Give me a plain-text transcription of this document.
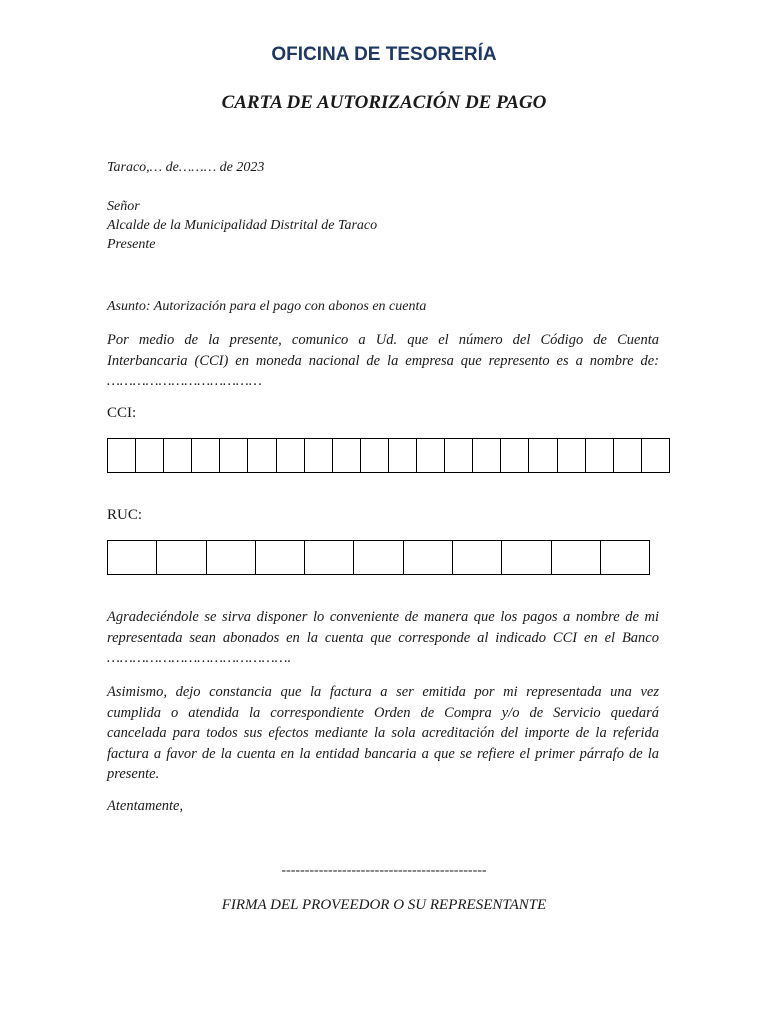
OFICINA DE TESORERÍA
CARTA DE AUTORIZACIÓN DE PAGO
Taraco,… de……… de 2023
Señor
Alcalde de la Municipalidad Distrital de Taraco
Presente
Asunto: Autorización para el pago con abonos en cuenta
Por medio de la presente, comunico a Ud. que el número del Código de Cuenta
Interbancaria (CCI) en moneda nacional de la empresa que represento es a nombre de:
………………………………
CCI:
RUC:
Agradeciéndole se sirva disponer lo conveniente de manera que los pagos a nombre de mi
representada sean abonados en la cuenta que corresponde al indicado CCI en el Banco
…………………………………….
Asimismo, dejo constancia que la factura a ser emitida por mi representada una vez
cumplida o atendida la correspondiente Orden de Compra y/o de Servicio quedará
cancelada para todos sus efectos mediante la sola acreditación del importe de la referida
factura a favor de la cuenta en la entidad bancaria a que se refiere el primer párrafo de la
presente.
Atentamente,
--------------------------------------------
FIRMA DEL PROVEEDOR O SU REPRESENTANTE
